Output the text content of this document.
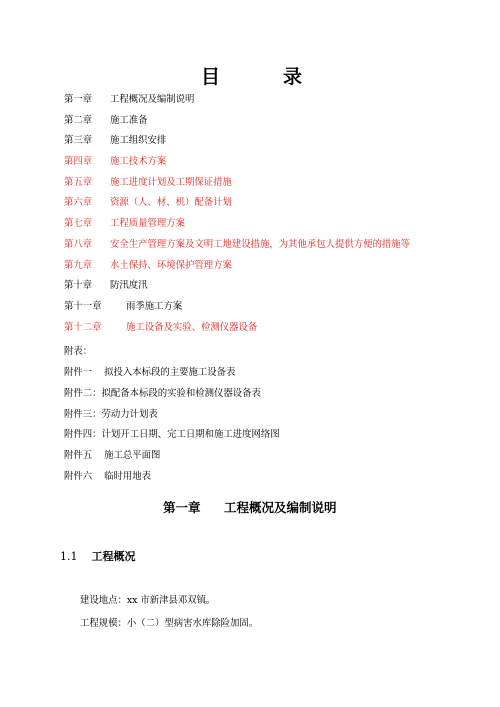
目	录
第一章 工程概况及编制说明
第二章 施工准备
第三章 施工组织安排
第四章 施工技术方案
第五章 施工进度计划及工期保证措施
第六章 资源（人、材、机）配备计划
第七章 工程质量管理方案
第八章 安全生产管理方案及文明工地建设措施，为其他承包人提供方便的措施等
第九章 水土保持、环境保护管理方案
第十章 防汛度汛
第十一章	雨季施工方案
第十二章	施工设备及实验、检测仪器设备
附表：
附件一 拟投入本标段的主要施工设备表
附件二：拟配备本标段的实验和检测仪器设备表
附件三：劳动力计划表
附件四：计划开工日期、完工日期和施工进度网络图
附件五 施工总平面图
附件六 临时用地表
第一章 工程概况及编制说明
1.1 工程概况
建设地点：xx 市新津县邓双镇。
工程规模：小（二）型病害水库除险加固。
